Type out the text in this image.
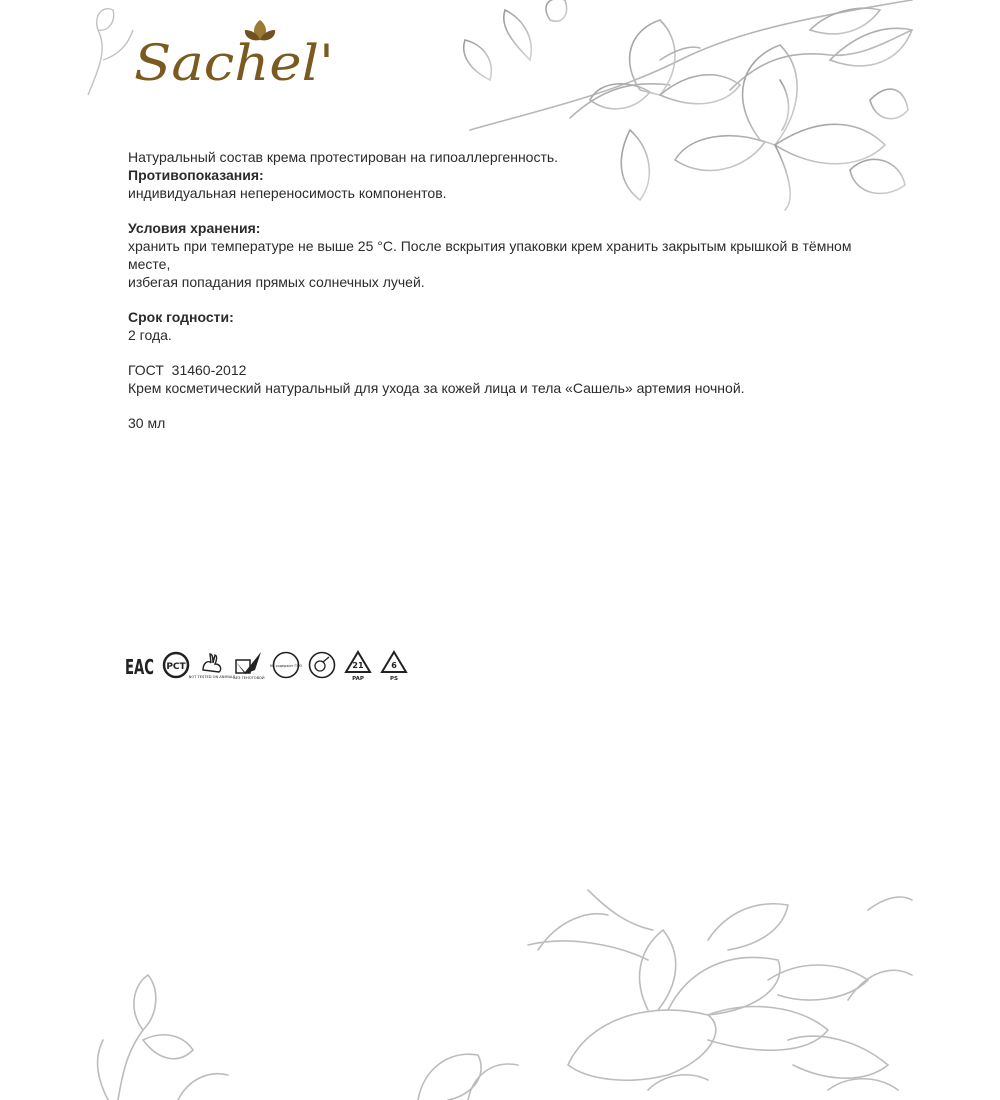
Sachel'

Натуральный состав крема протестирован на гипоаллергенность.

Противопоказания:

индивидуальная непереносимость компонентов.

Условия хранения:

хранить при температуре не выше 25 °С. После вскрытия упаковки крем хранить закрытым крышкой в тёмном месте,

избегая попадания прямых солнечных лучей.

Срок годности:

2 года.

ГОСТ  31460-2012

Крем косметический натуральный для ухода за кожей лица и тела «Сашель» артемия ночной.

30 мл

EAC РСТ
NOT TESTED ON ANIMALS
БЕЗ ГЕНОТОВОЙ
НЕ содержит ГМО	21
PAP
6
PS
